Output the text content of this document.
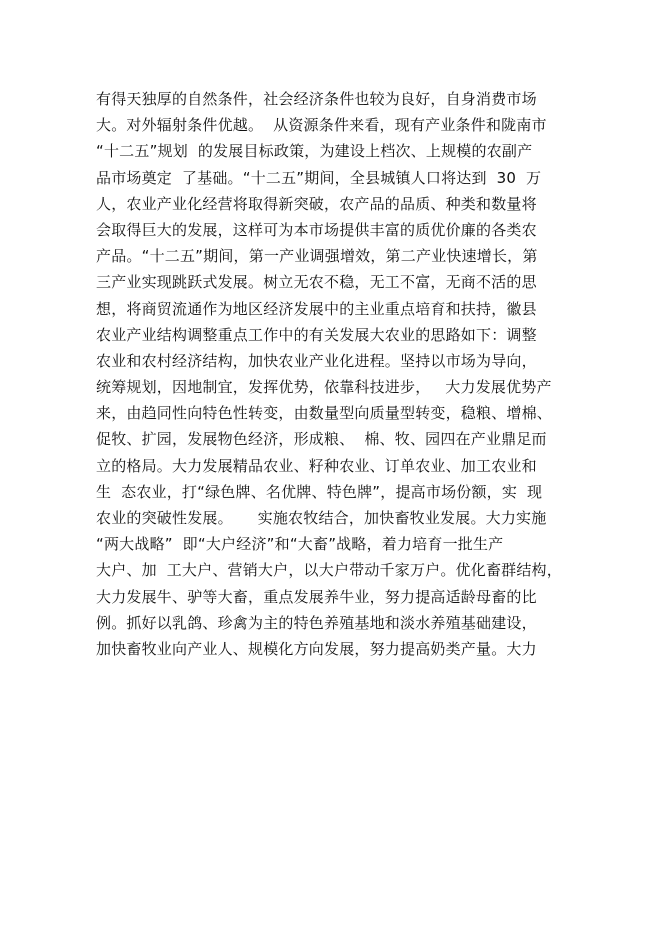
有得天独厚的自然条件，社会经济条件也较为良好，自身消费市场
大。对外辐射条件优越。  从资源条件来看，现有产业条件和陇南市
“十二五”规划  的发展目标政策，为建设上档次、上规模的农副产
品市场奠定  了基础。“十二五”期间，全县城镇人口将达到  30  万
人，农业产业化经营将取得新突破，农产品的品质、种类和数量将
会取得巨大的发展，这样可为本市场提供丰富的质优价廉的各类农
产品。“十二五”期间，第一产业调强增效，第二产业快速增长，第
三产业实现跳跃式发展。树立无农不稳，无工不富，无商不活的思
想，将商贸流通作为地区经济发展中的主业重点培育和扶持，徽县
农业产业结构调整重点工作中的有关发展大农业的思路如下：调整
农业和农村经济结构，加快农业产业化进程。坚持以市场为导向，
统筹规划，因地制宜，发挥优势，依靠科技进步，   大力发展优势产
来，由趋同性向特色性转变，由数量型向质量型转变，稳粮、增棉、
促牧、扩园，发展物色经济，形成粮、  棉、牧、园四在产业鼎足而
立的格局。大力发展精品农业、籽种农业、订单农业、加工农业和
生  态农业，打“绿色牌、名优牌、特色牌”，提高市场份额，实  现
农业的突破性发展。     实施农牧结合，加快畜牧业发展。大力实施
“两大战略”  即“大户经济”和“大畜”战略，着力培育一批生产
大户、加  工大户、营销大户，以大户带动千家万户。优化畜群结构，
大力发展牛、驴等大畜，重点发展养牛业，努力提高适龄母畜的比
例。抓好以乳鸽、珍禽为主的特色养殖基地和淡水养殖基础建设，
加快畜牧业向产业人、规模化方向发展，努力提高奶类产量。大力
